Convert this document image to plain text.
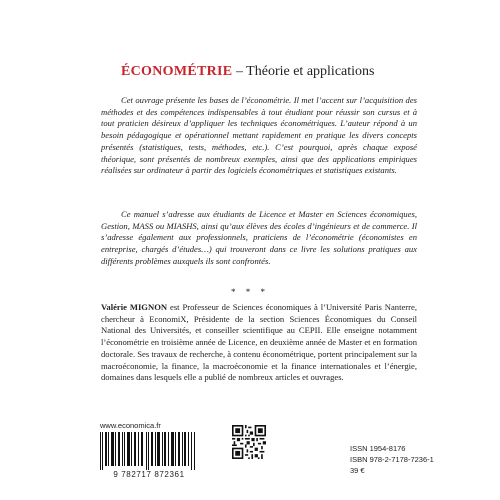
ÉCONOMÉTRIE – Théorie et applications

Cet ouvrage présente les bases de l’économétrie. Il met l’accent sur l’acquisition des méthodes et des compétences indispensables à tout étudiant pour réussir son cursus et à tout praticien désireux d’appliquer les techniques économétriques. L’auteur répond à un besoin pédagogique et opérationnel mettant rapidement en pratique les divers concepts présentés (statistiques, tests, méthodes, etc.). C’est pourquoi, après chaque exposé théorique, sont présentés de nombreux exemples, ainsi que des applications empiriques réalisées sur ordinateur à partir des logiciels économétriques et statistiques existants.

Ce manuel s’adresse aux étudiants de Licence et Master en Sciences économiques, Gestion, MASS ou MIASHS, ainsi qu’aux élèves des écoles d’ingénieurs et de commerce. Il s’adresse également aux professionnels, praticiens de l’économétrie (économistes en entreprise, chargés d’études…) qui trouveront dans ce livre les solutions pratiques aux différents problèmes auxquels ils sont confrontés.

* * *

Valérie MIGNON est Professeur de Sciences économiques à l’Université Paris Nanterre, chercheur à EconomiX, Présidente de la section Sciences Économiques du Conseil National des Universités, et conseiller scientifique au CEPII. Elle enseigne notamment l’économétrie en troisième année de Licence, en deuxième année de Master et en formation doctorale. Ses travaux de recherche, à contenu économétrique, portent principalement sur la macroéconomie, la finance, la macroéconomie et la finance internationales et l’énergie, domaines dans lesquels elle a publié de nombreux articles et ouvrages.

www.economica.fr
9 782717 872361
ISSN 1954-8176
ISBN 978-2-7178-7236-1
39 €
